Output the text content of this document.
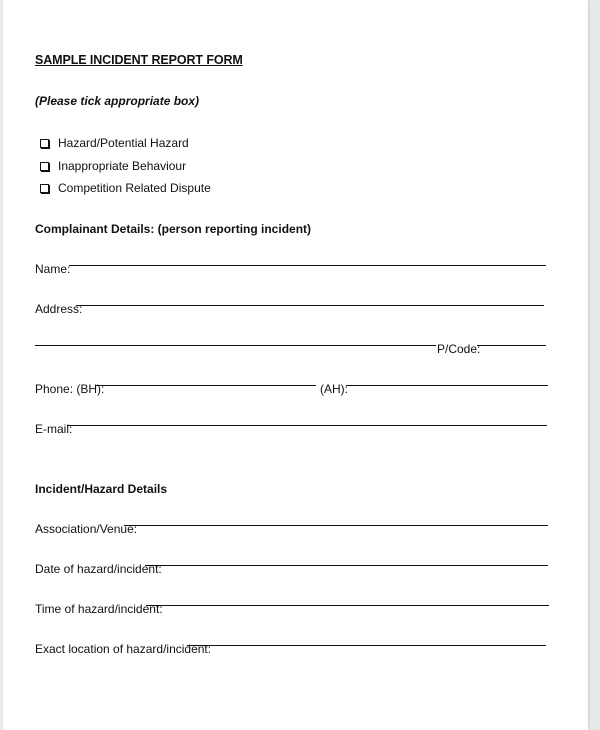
SAMPLE INCIDENT REPORT FORM
(Please tick appropriate box)
Hazard/Potential Hazard
Inappropriate Behaviour
Competition Related Dispute
Complainant Details: (person reporting incident)
Name:
Address:
P/Code:
Phone: (BH):	(AH):
E-mail:
Incident/Hazard Details
Association/Venue:
Date of hazard/incident:
Time of hazard/incident:
Exact location of hazard/incident:
